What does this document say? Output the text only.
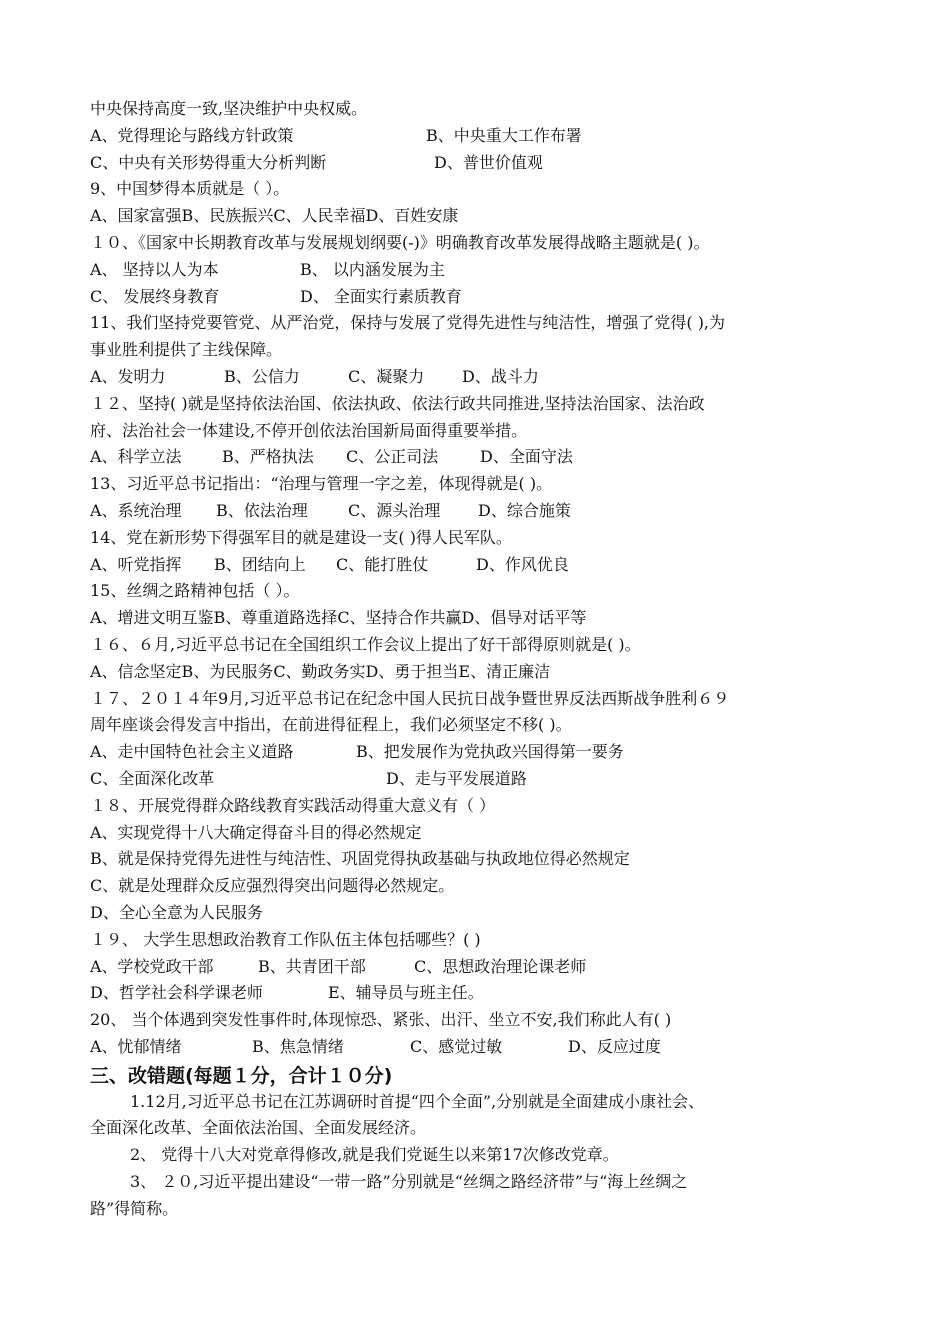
中央保持高度一致,坚决维护中央权威。
A、党得理论与路线方针政策	B、中央重大工作布署
C、中央有关形势得重大分析判断	D、普世价值观
9、中国梦得本质就是（ ）。
A、国家富强B、民族振兴C、人民幸福D、百姓安康
１０、《国家中长期教育改革与发展规划纲要(-)》明确教育改革发展得战略主题就是( )。
A、 坚持以人为本	B、 以内涵发展为主
C、 发展终身教育	D、 全面实行素质教育
11、我们坚持党要管党、从严治党，保持与发展了党得先进性与纯洁性，增强了党得( ),为
事业胜利提供了主线保障。
A、发明力	B、公信力	C、凝聚力 D、战斗力
１２、坚持( )就是坚持依法治国、依法执政、依法行政共同推进,坚持法治国家、法治政
府、法治社会一体建设,不停开创依法治国新局面得重要举措。
A、科学立法	B、严格执法 C、公正司法	D、全面守法
13、习近平总书记指出：“治理与管理一字之差，体现得就是( )。
A、系统治理 B、依法治理	C、源头治理 D、综合施策
14、党在新形势下得强军目的就是建设一支( )得人民军队。
A、听党指挥 B、团结向上 C、能打胜仗	D、作风优良
15、丝绸之路精神包括（ ）。
A、增进文明互鉴B、尊重道路选择C、坚持合作共赢D、倡导对话平等
１６、６月,习近平总书记在全国组织工作会议上提出了好干部得原则就是( )。
A、信念坚定B、为民服务C、勤政务实D、勇于担当E、清正廉洁
１７、２０１４年9月,习近平总书记在纪念中国人民抗日战争暨世界反法西斯战争胜利６９
周年座谈会得发言中指出，在前进得征程上，我们必须坚定不移( )。
A、走中国特色社会主义道路	B、把发展作为党执政兴国得第一要务
C、全面深化改革	D、走与平发展道路
１８、开展党得群众路线教育实践活动得重大意义有（ ）
A、实现党得十八大确定得奋斗目的得必然规定
B、就是保持党得先进性与纯洁性、巩固党得执政基础与执政地位得必然规定
C、就是处理群众反应强烈得突出问题得必然规定。
D、全心全意为人民服务
１９、 大学生思想政治教育工作队伍主体包括哪些？( )
A、学校党政干部	B、共青团干部	C、思想政治理论课老师
D、哲学社会科学课老师	E、辅导员与班主任。
20、 当个体遇到突发性事件时,体现惊恐、紧张、出汗、坐立不安,我们称此人有( )
A、忧郁情绪	B、焦急情绪	C、感觉过敏	D、反应过度
三、改错题(每题１分，合计１０分)
1.12月,习近平总书记在江苏调研时首提“四个全面”,分别就是全面建成小康社会、
全面深化改革、全面依法治国、全面发展经济。
2、 党得十八大对党章得修改,就是我们党诞生以来第17次修改党章。
3、 ２０,习近平提出建设“一带一路”分别就是“丝绸之路经济带”与“海上丝绸之
路”得简称。
